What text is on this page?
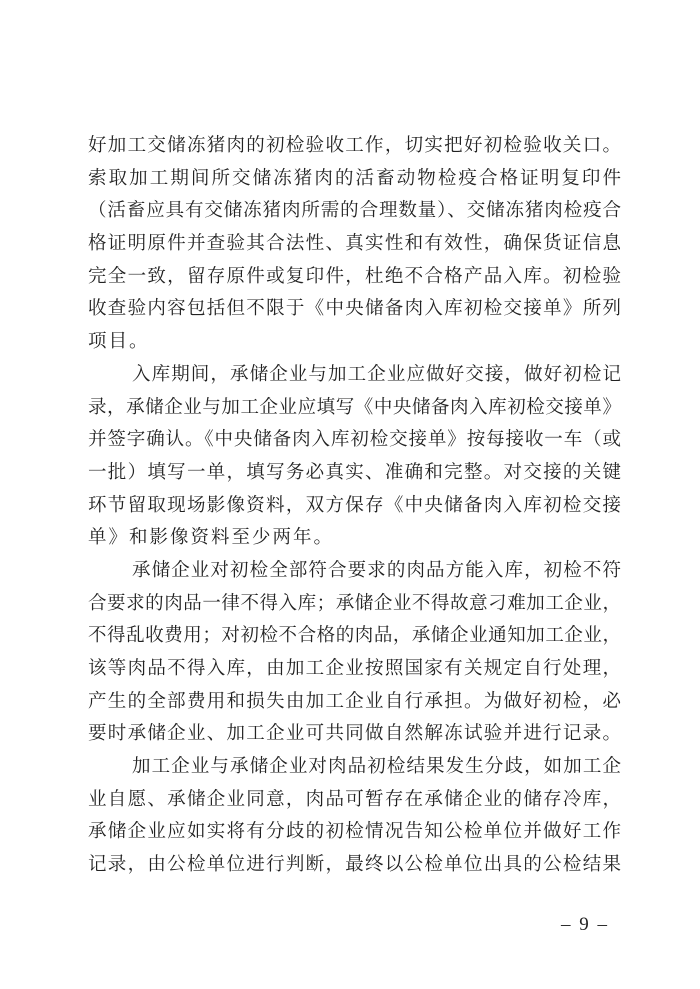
好加工交储冻猪肉的初检验收工作，切实把好初检验收关口。
索取加工期间所交储冻猪肉的活畜动物检疫合格证明复印件
（活畜应具有交储冻猪肉所需的合理数量）、交储冻猪肉检疫合
格证明原件并查验其合法性、真实性和有效性，确保货证信息
完全一致，留存原件或复印件，杜绝不合格产品入库。初检验
收查验内容包括但不限于《中央储备肉入库初检交接单》所列
项目。
入库期间，承储企业与加工企业应做好交接，做好初检记
录，承储企业与加工企业应填写《中央储备肉入库初检交接单》
并签字确认。《中央储备肉入库初检交接单》按每接收一车（或
一批）填写一单，填写务必真实、准确和完整。对交接的关键
环节留取现场影像资料，双方保存《中央储备肉入库初检交接
单》和影像资料至少两年。
承储企业对初检全部符合要求的肉品方能入库，初检不符
合要求的肉品一律不得入库；承储企业不得故意刁难加工企业，
不得乱收费用；对初检不合格的肉品，承储企业通知加工企业，
该等肉品不得入库，由加工企业按照国家有关规定自行处理，
产生的全部费用和损失由加工企业自行承担。为做好初检，必
要时承储企业、加工企业可共同做自然解冻试验并进行记录。
加工企业与承储企业对肉品初检结果发生分歧，如加工企
业自愿、承储企业同意，肉品可暂存在承储企业的储存冷库，
承储企业应如实将有分歧的初检情况告知公检单位并做好工作
记录，由公检单位进行判断，最终以公检单位出具的公检结果
– 9 –
